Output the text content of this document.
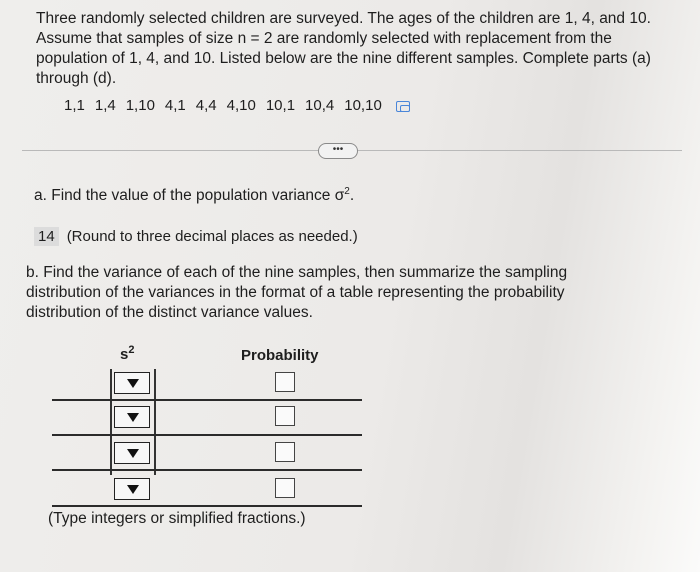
Three randomly selected children are surveyed. The ages of the children are 1, 4, and 10. Assume that samples of size n = 2 are randomly selected with replacement from the population of 1, 4, and 10. Listed below are the nine different samples. Complete parts (a) through (d).

1,1 1,4 1,10 4,1 4,4 4,10 10,1 10,4 10,10
•••
a. Find the value of the population variance $\sigma^2$.
14 (Round to three decimal places as needed.)

b. Find the variance of each of the nine samples, then summarize the sampling distribution of the variances in the format of a table representing the probability distribution of the distinct variance values.

$s^2$	Probability
(Type integers or simplified fractions.)
